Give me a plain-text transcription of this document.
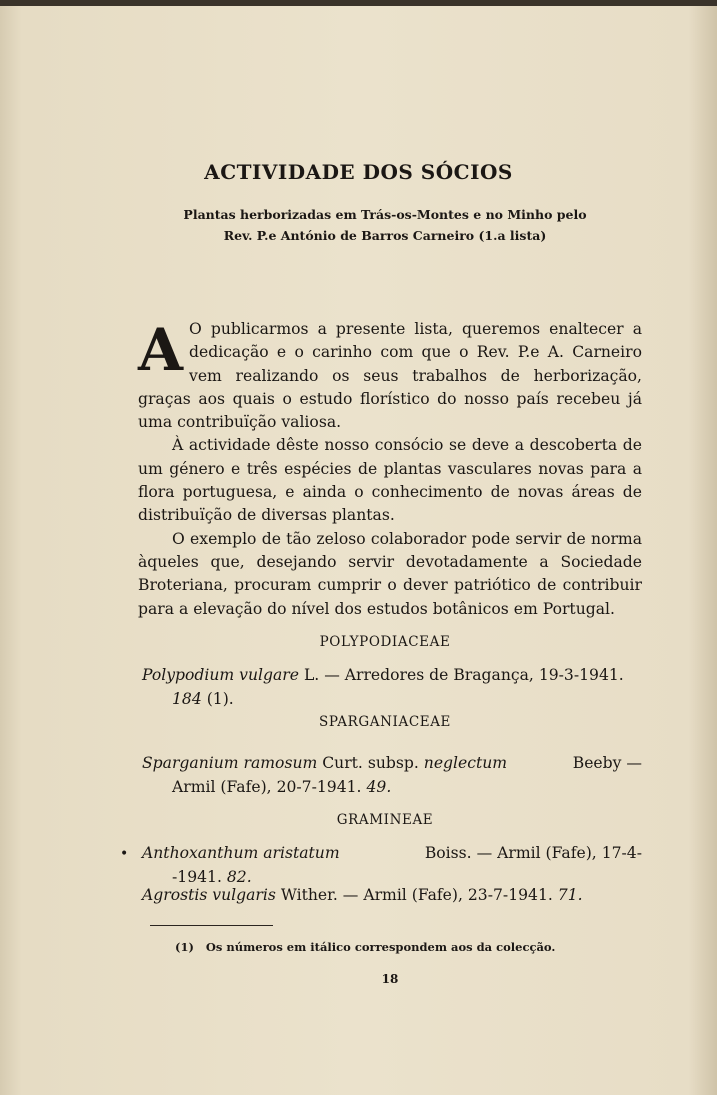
ACTIVIDADE DOS SÓCIOS
Plantas herborizadas em Trás-os-Montes e no Minho pelo
Rev. P.e António de Barros Carneiro (1.a lista)

A O publicarmos a presente lista, queremos enaltecer a dedicação e o carinho com que o Rev. P.e A. Carneiro vem realizando os seus trabalhos de herborização, graças aos quais o estudo florístico do nosso país recebeu já uma contribuïção valiosa.

À actividade dêste nosso consócio se deve a descoberta de um género e três espécies de plantas vasculares novas para a flora portuguesa, e ainda o conhecimento de novas áreas de distribuïção de diversas plantas.

O exemplo de tão zeloso colaborador pode servir de norma àqueles que, desejando servir devotadamente a Sociedade Broteriana, procuram cumprir o dever patriótico de contribuir para a elevação do nível dos estudos botânicos em Portugal.

POLYPODIACEAE
Polypodium vulgare L. — Arredores de Bragança, 19-3-1941.
184 (1).
SPARGANIACEAE
Sparganium ramosum Curt. subsp. neglectum	Beeby —
Armil (Fafe), 20-7-1941. 49.
GRAMINEAE
• Anthoxanthum aristatum	Boiss. — Armil (Fafe), 17-4-
-1941. 82.
Agrostis vulgaris Wither. — Armil (Fafe), 23-7-1941. 71.
(1)   Os números em itálico correspondem aos da colecção.
18
